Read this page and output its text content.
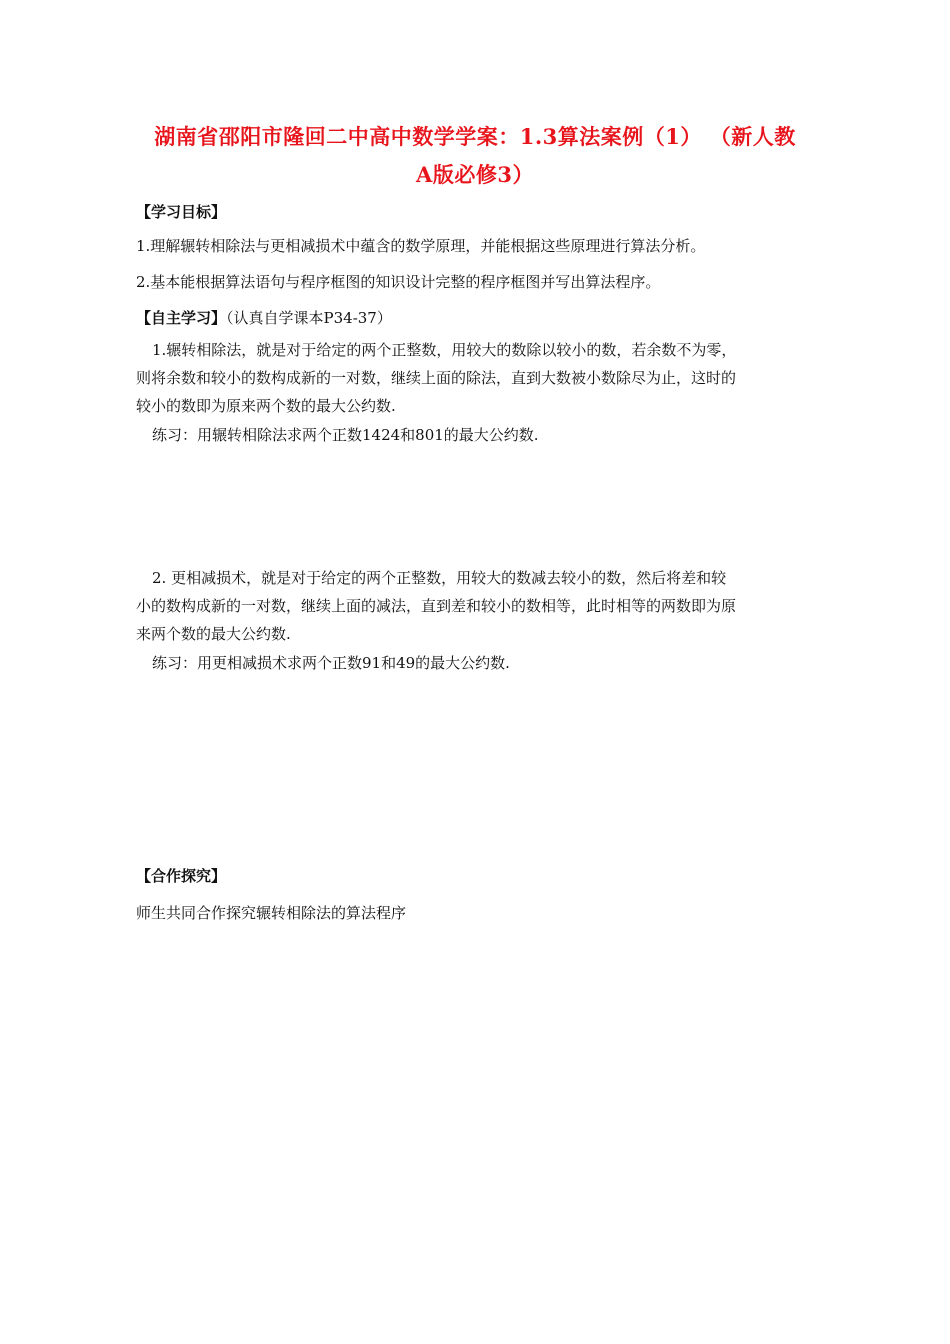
湖南省邵阳市隆回二中高中数学学案：1.3算法案例（1） （新人教
A版必修3）
【学习目标】
1.理解辗转相除法与更相减损术中蕴含的数学原理，并能根据这些原理进行算法分析。
2.基本能根据算法语句与程序框图的知识设计完整的程序框图并写出算法程序。
【自主学习】（认真自学课本P34-37）
1.辗转相除法，就是对于给定的两个正整数，用较大的数除以较小的数，若余数不为零，
则将余数和较小的数构成新的一对数，继续上面的除法，直到大数被小数除尽为止，这时的
较小的数即为原来两个数的最大公约数.
练习：用辗转相除法求两个正数1424和801的最大公约数.
2. 更相减损术，就是对于给定的两个正整数，用较大的数减去较小的数，然后将差和较
小的数构成新的一对数，继续上面的减法，直到差和较小的数相等，此时相等的两数即为原
来两个数的最大公约数.
练习：用更相减损术求两个正数91和49的最大公约数.
【合作探究】
师生共同合作探究辗转相除法的算法程序
